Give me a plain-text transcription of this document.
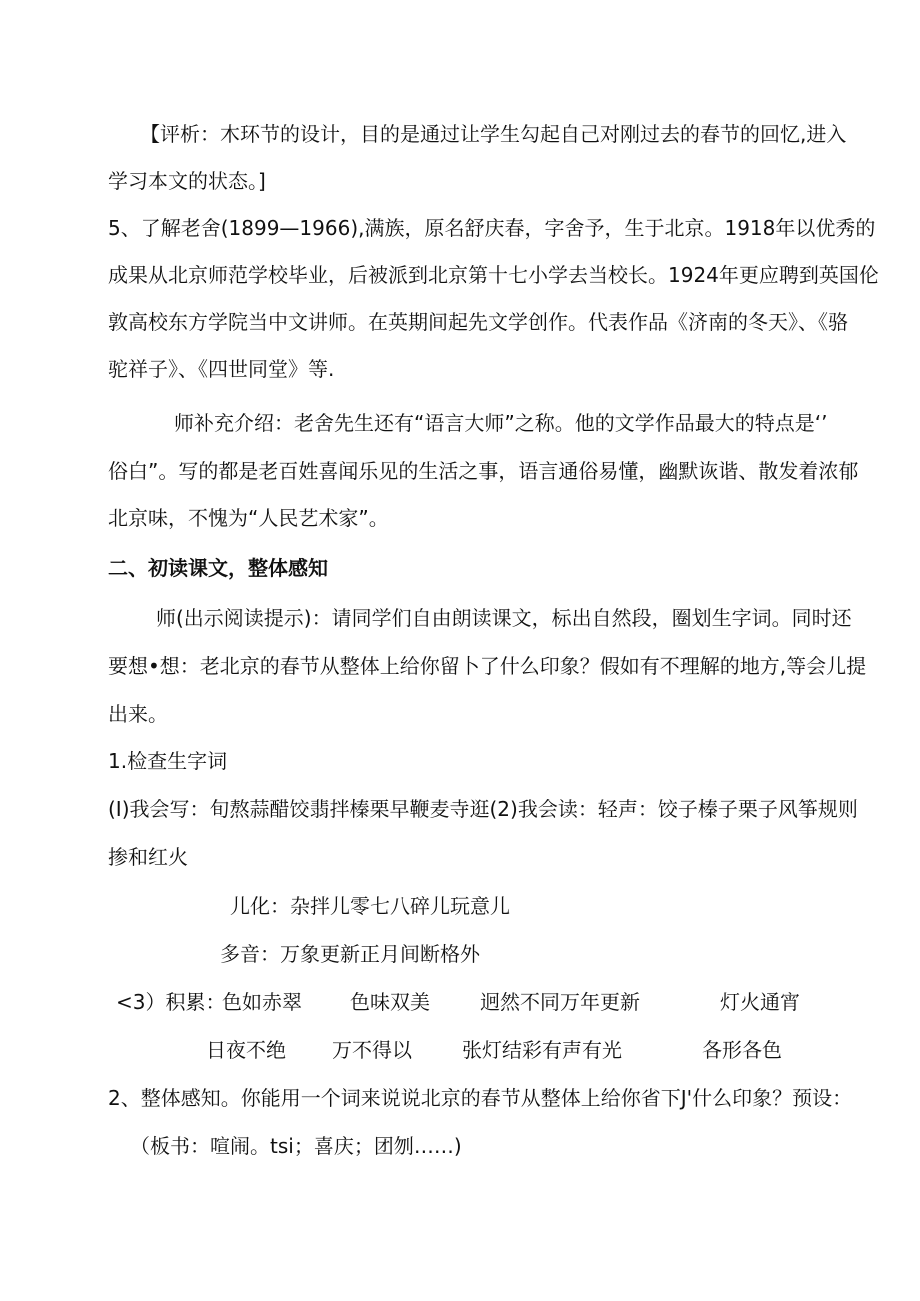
【评析：木环节的设计，目的是通过让学生勾起自己对刚过去的春节的回忆,进入
学习本文的状态。]
5、了解老舍(1899—1966),满族，原名舒庆春，字舍予，生于北京。1918年以优秀的
成果从北京师范学校毕业，后被派到北京第十七小学去当校长。1924年更应聘到英国伦
敦高校东方学院当中文讲师。在英期间起先文学创作。代表作品《济南的冬天》、《骆
驼祥子》、《四世同堂》等.
师补充介绍：老舍先生还有“语言大师”之称。他的文学作品最大的特点是‘’
俗白”。写的都是老百姓喜闻乐见的生活之事，语言通俗易懂，幽默诙谐、散发着浓郁
北京味，不愧为“人民艺术家”。
二、初读课文，整体感知
师(出示阅读提示)：请同学们自由朗读课文，标出自然段，圈划生字词。同时还
要想•想：老北京的春节从整体上给你留卜了什么印象？假如有不理解的地方,等会儿提
出来。
1.检查生字词
(I)我会写：旬熬蒜醋饺翡拌榛栗早鞭麦寺逛(2)我会读：轻声：饺子榛子栗子风筝规则
掺和红火
儿化：杂拌儿零七八碎儿玩意儿
多音：万象更新正月间断格外
<3）积累：
色如赤翠 色味双美	迥然不同万年更新	灯火通宵
日夜不绝 万不得以	张灯结彩有声有光	各形各色
2、整体感知。你能用一个词来说说北京的春节从整体上给你省下J'什么印象？预设：
（板书：喧闹。tsi；喜庆；团刎……)
